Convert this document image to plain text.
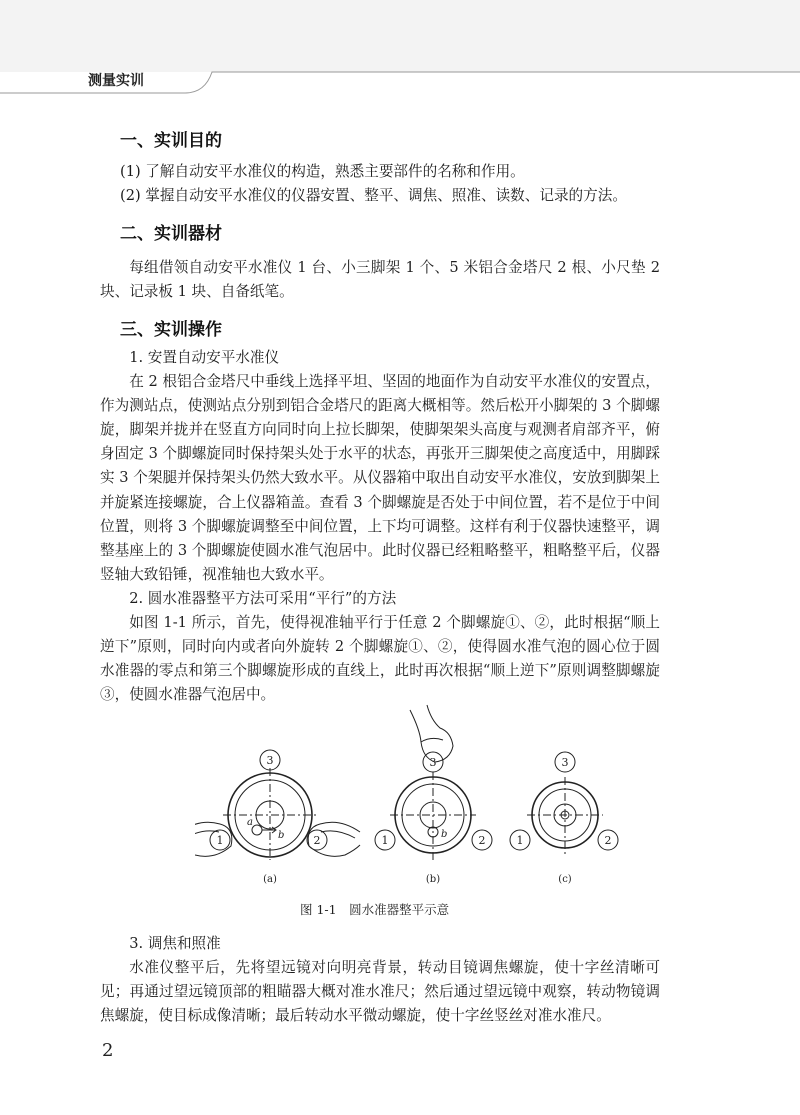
测量实训
一、实训目的
(1) 了解自动安平水准仪的构造，熟悉主要部件的名称和作用。
(2) 掌握自动安平水准仪的仪器安置、整平、调焦、照准、读数、记录的方法。
二、实训器材

每组借领自动安平水准仪 1 台、小三脚架 1 个、5 米铝合金塔尺 2 根、小尺垫 2 块、记录板 1 块、自备纸笔。

三、实训操作

1. 安置自动安平水准仪

在 2 根铝合金塔尺中垂线上选择平坦、坚固的地面作为自动安平水准仪的安置点，作为测站点，使测站点分别到铝合金塔尺的距离大概相等。然后松开小脚架的 3 个脚螺旋，脚架并拢并在竖直方向同时向上拉长脚架，使脚架架头高度与观测者肩部齐平，俯身固定 3 个脚螺旋同时保持架头处于水平的状态，再张开三脚架使之高度适中，用脚踩实 3 个架腿并保持架头仍然大致水平。从仪器箱中取出自动安平水准仪，安放到脚架上并旋紧连接螺旋，合上仪器箱盖。查看 3 个脚螺旋是否处于中间位置，若不是位于中间位置，则将 3 个脚螺旋调整至中间位置，上下均可调整。这样有利于仪器快速整平，调整基座上的 3 个脚螺旋使圆水准气泡居中。此时仪器已经粗略整平，粗略整平后，仪器竖轴大致铅锤，视准轴也大致水平。

2. 圆水准器整平方法可采用“平行”的方法

如图 1-1 所示，首先，使得视准轴平行于任意 2 个脚螺旋①、②，此时根据“顺上逆下”原则，同时向内或者向外旋转 2 个脚螺旋①、②，使得圆水准气泡的圆心位于圆水准器的零点和第三个脚螺旋形成的直线上，此时再次根据“顺上逆下”原则调整脚螺旋③，使圆水准器气泡居中。

3
1	2
a
b
(a)
3
1	2
b
(b)
3
1	2
(c)
图 1-1　圆水准器整平示意

3. 调焦和照准

水准仪整平后，先将望远镜对向明亮背景，转动目镜调焦螺旋，使十字丝清晰可见；再通过望远镜顶部的粗瞄器大概对准水准尺；然后通过望远镜中观察，转动物镜调焦螺旋，使目标成像清晰；最后转动水平微动螺旋，使十字丝竖丝对准水准尺。

2
